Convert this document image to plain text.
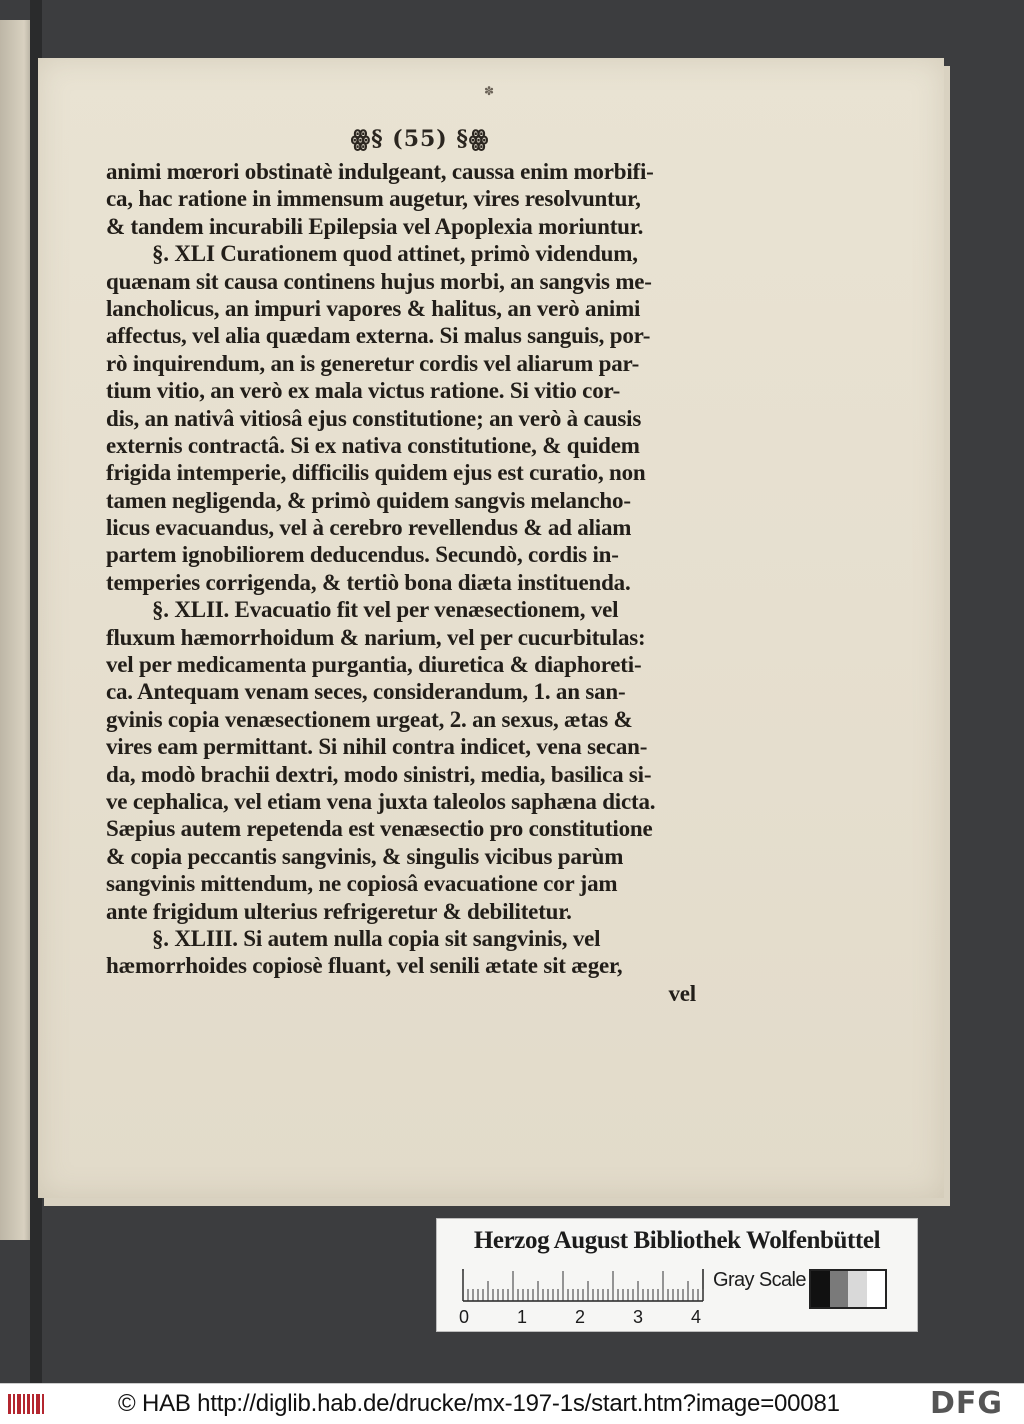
✽
ꙮ§ (55) §ꙮ
animi mœrori obstinatè indulgeant, caussa enim morbifi-
ca, hac ratione in immensum augetur, vires resolvuntur,
& tandem incurabili Epilepsia vel Apoplexia moriuntur.
§. XLI Curationem quod attinet, primò videndum,
quænam sit causa continens hujus morbi, an sangvis me-
lancholicus, an impuri vapores & halitus, an verò animi
affectus, vel alia quædam externa. Si malus sanguis, por-
rò inquirendum, an is generetur cordis vel aliarum par-
tium vitio, an verò ex mala victus ratione. Si vitio cor-
dis, an nativâ vitiosâ ejus constitutione; an verò à causis
externis contractâ. Si ex nativa constitutione, & quidem
frigida intemperie, difficilis quidem ejus est curatio, non
tamen negligenda, & primò quidem sangvis melancho-
licus evacuandus, vel à cerebro revellendus & ad aliam
partem ignobiliorem deducendus. Secundò, cordis in-
temperies corrigenda, & tertiò bona diæta instituenda.
§. XLII. Evacuatio fit vel per venæsectionem, vel
fluxum hæmorrhoidum & narium, vel per cucurbitulas:
vel per medicamenta purgantia, diuretica & diaphoreti-
ca. Antequam venam seces, considerandum, 1. an san-
gvinis copia venæsectionem urgeat, 2. an sexus, ætas &
vires eam permittant. Si nihil contra indicet, vena secan-
da, modò brachii dextri, modo sinistri, media, basilica si-
ve cephalica, vel etiam vena juxta taleolos saphæna dicta.
Sæpius autem repetenda est venæsectio pro constitutione
& copia peccantis sangvinis, & singulis vicibus parùm
sangvinis mittendum, ne copiosâ evacuatione cor jam
ante frigidum ulterius refrigeretur & debilitetur.
§. XLIII. Si autem nulla copia sit sangvinis, vel
hæmorrhoides copiosè fluant, vel senili ætate sit æger,
vel
Herzog August Bibliothek Wolfenbüttel
0	1	2	3	4
Gray Scale
© HAB http://diglib.hab.de/drucke/mx-197-1s/start.htm?image=00081	DFG
